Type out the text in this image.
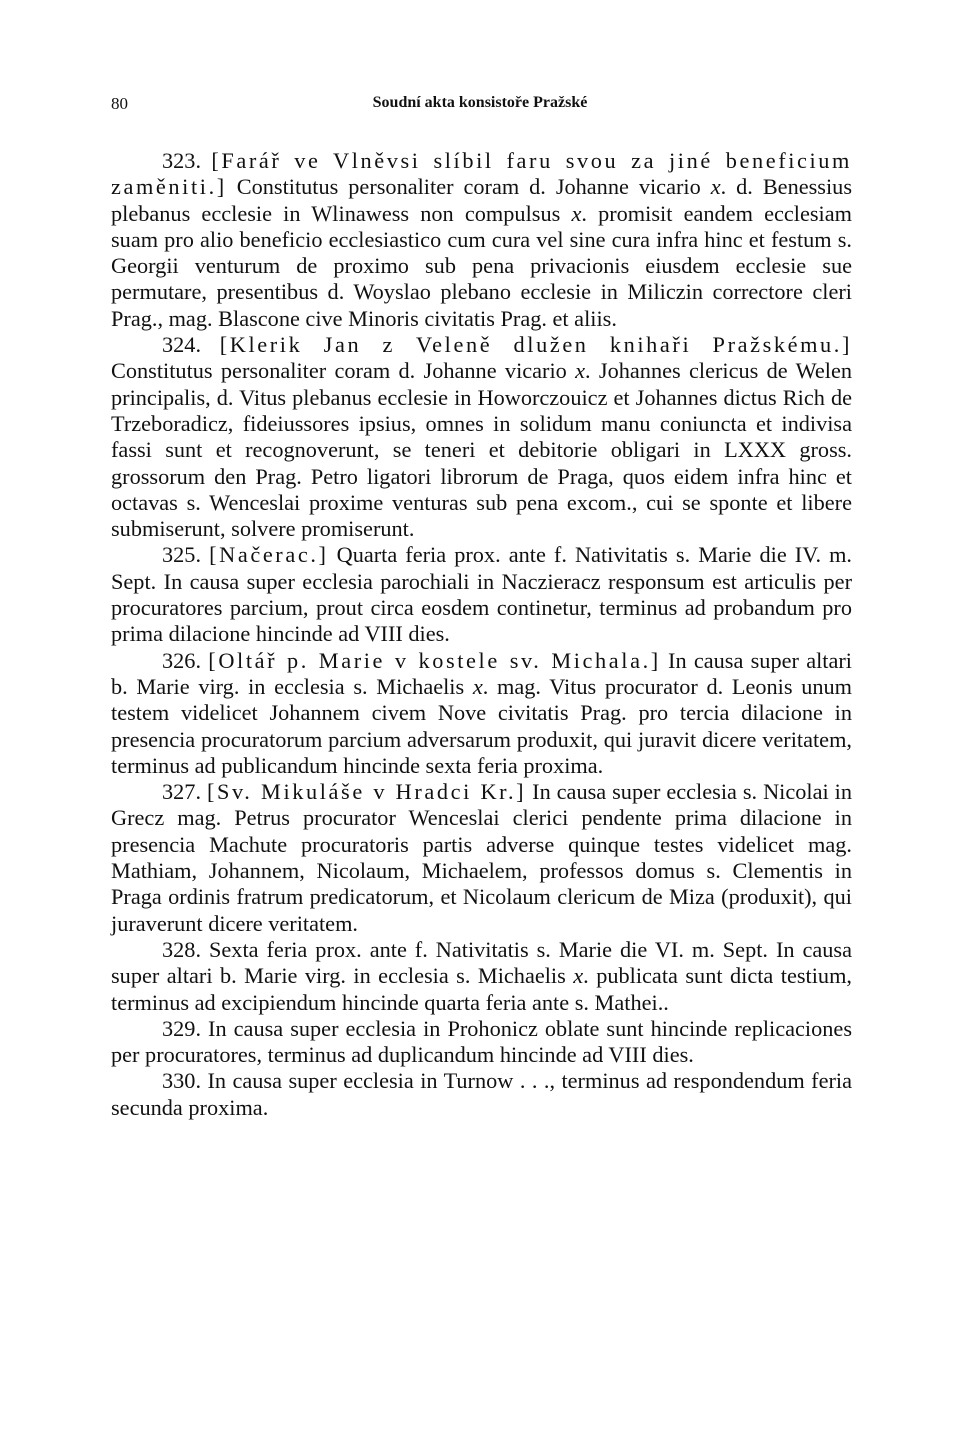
80	Soudní akta konsistoře Pražské

323. [Farář ve Vlněvsi slíbil faru svou za jiné beneficium zaměniti.] Constitutus personaliter coram d. Johanne vicario x. d. Benessius plebanus ecclesie in Wlinawess non compulsus x. promisit eandem ecclesiam suam pro alio beneficio ecclesiastico cum cura vel sine cura infra hinc et festum s. Georgii venturum de proximo sub pena privacionis eiusdem ecclesie sue permutare, presentibus d. Woyslao plebano ecclesie in Miliczin correctore cleri Prag., mag. Blascone cive Minoris civitatis Prag. et aliis.

324. [Klerik Jan z Veleně dlužen knihaři Pražskému.] Constitutus personaliter coram d. Johanne vicario x. Johannes clericus de Welen principalis, d. Vitus plebanus ecclesie in Howorczouicz et Johannes dictus Rich de Trzeboradicz, fideiussores ipsius, omnes in solidum manu coniuncta et indivisa fassi sunt et recognoverunt, se teneri et debitorie obligari in LXXX gross. grossorum den Prag. Petro ligatori librorum de Praga, quos eidem infra hinc et octavas s. Wenceslai proxime venturas sub pena excom., cui se sponte et libere submiserunt, solvere promiserunt.

325. [Načerac.] Quarta feria prox. ante f. Nativitatis s. Marie die IV. m. Sept. In causa super ecclesia parochiali in Naczieracz responsum est articulis per procuratores parcium, prout circa eosdem continetur, terminus ad probandum pro prima dilacione hincinde ad VIII dies.

326. [Oltář p. Marie v kostele sv. Michala.] In causa super altari b. Marie virg. in ecclesia s. Michaelis x. mag. Vitus procurator d. Leonis unum testem videlicet Johannem civem Nove civitatis Prag. pro tercia dilacione in presencia procuratorum parcium adversarum produxit, qui juravit dicere veritatem, terminus ad publicandum hincinde sexta feria proxima.

327. [Sv. Mikuláše v Hradci Kr.] In causa super ecclesia s. Nicolai in Grecz mag. Petrus procurator Wenceslai clerici pendente prima dilacione in presencia Machute procuratoris partis adverse quinque testes videlicet mag. Mathiam, Johannem, Nicolaum, Michaelem, professos domus s. Clementis in Praga ordinis fratrum predicatorum, et Nicolaum clericum de Miza (produxit), qui juraverunt dicere veritatem.

328. Sexta feria prox. ante f. Nativitatis s. Marie die VI. m. Sept. In causa super altari b. Marie virg. in ecclesia s. Michaelis x. publicata sunt dicta testium, terminus ad excipiendum hincinde quarta feria ante s. Mathei..

329. In causa super ecclesia in Prohonicz oblate sunt hincinde replicaciones per procuratores, terminus ad duplicandum hincinde ad VIII dies.

330. In causa super ecclesia in Turnow . . ., terminus ad respondendum feria secunda proxima.
